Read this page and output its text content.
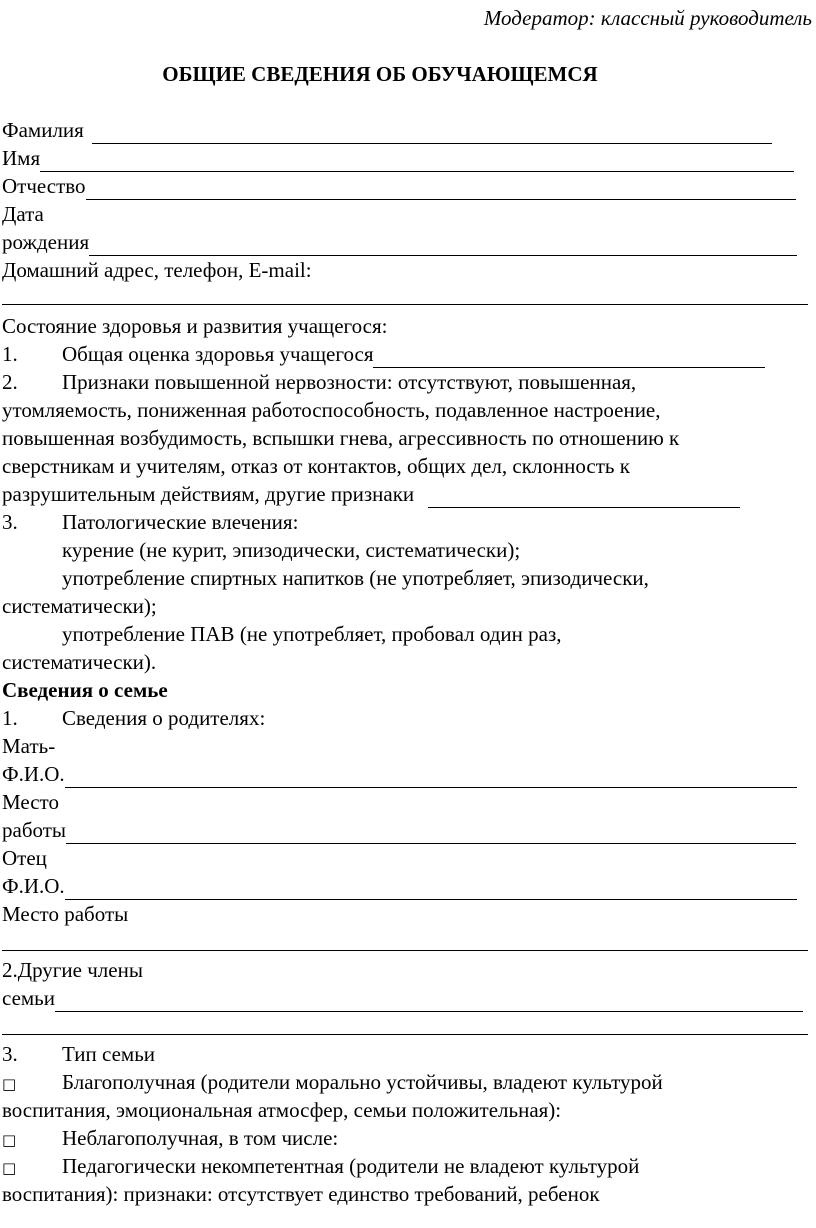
Модератор: классный руководитель
ОБЩИЕ СВЕДЕНИЯ ОБ ОБУЧАЮЩЕМСЯ
Фамилия
Имя
Отчество
Дата
рождения
Домашний адрес, телефон, E-mail:
Состояние здоровья и развития учащегося:
1.	Общая оценка здоровья учащегося
2. Признаки повышенной нервозности: отсутствуют, повышенная,
утомляемость, пониженная работоспособность, подавленное настроение,
повышенная возбудимость, вспышки гнева, агрессивность по отношению к
сверстникам и учителям, отказ от контактов, общих дел, склонность к
разрушительным действиям, другие признаки
3. Патологические влечения:
курение (не курит, эпизодически, систематически);
употребление спиртных напитков (не употребляет, эпизодически,
систематически);
употребление ПАВ (не употребляет, пробовал один раз,
систематически).
Сведения о семье
1. Сведения о родителях:
Мать-
Ф.И.О.
Место
работы
Отец
Ф.И.О.
Место работы
2.Другие члены
семьи
3. Тип семьи
□ Благополучная (родители морально устойчивы, владеют культурой
воспитания, эмоциональная атмосфер, семьи положительная):
□ Неблагополучная, в том числе:
□ Педагогически некомпетентная (родители не владеют культурой
воспитания): признаки: отсутствует единство требований, ребенок
